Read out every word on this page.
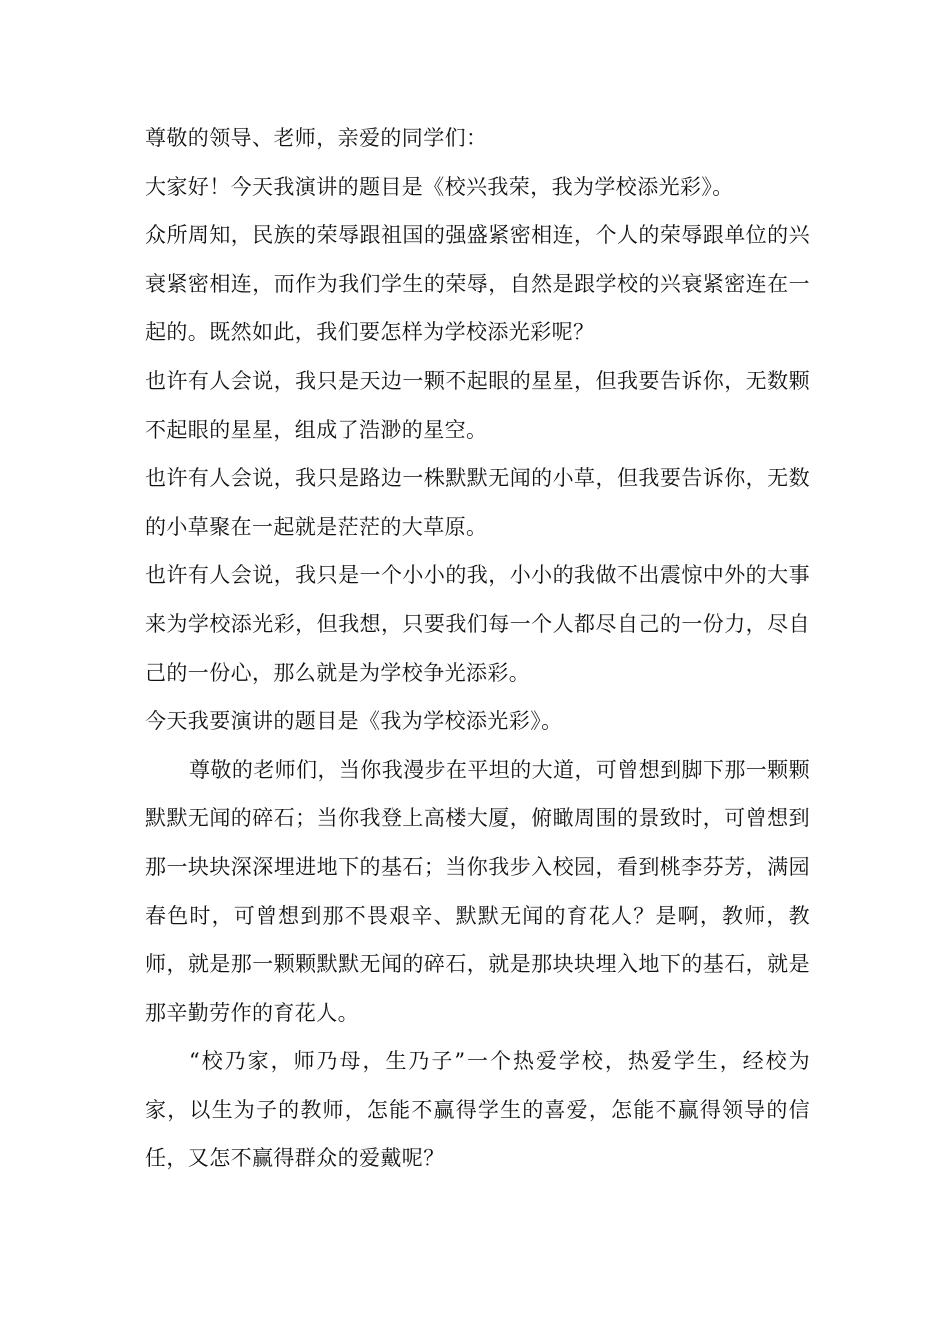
尊敬的领导、老师，亲爱的同学们：

大家好！今天我演讲的题目是《校兴我荣，我为学校添光彩》。

众所周知，民族的荣辱跟祖国的强盛紧密相连，个人的荣辱跟单位的兴衰紧密相连，而作为我们学生的荣辱，自然是跟学校的兴衰紧密连在一起的。既然如此，我们要怎样为学校添光彩呢？

也许有人会说，我只是天边一颗不起眼的星星，但我要告诉你，无数颗不起眼的星星，组成了浩渺的星空。

也许有人会说，我只是路边一株默默无闻的小草，但我要告诉你，无数的小草聚在一起就是茫茫的大草原。

也许有人会说，我只是一个小小的我，小小的我做不出震惊中外的大事来为学校添光彩，但我想，只要我们每一个人都尽自己的一份力，尽自己的一份心，那么就是为学校争光添彩。

今天我要演讲的题目是《我为学校添光彩》。

尊敬的老师们，当你我漫步在平坦的大道，可曾想到脚下那一颗颗默默无闻的碎石；当你我登上高楼大厦，俯瞰周围的景致时，可曾想到那一块块深深埋进地下的基石；当你我步入校园，看到桃李芬芳，满园春色时，可曾想到那不畏艰辛、默默无闻的育花人？是啊，教师，教师，就是那一颗颗默默无闻的碎石，就是那块块埋入地下的基石，就是那辛勤劳作的育花人。

“校乃家，师乃母，生乃子”一个热爱学校，热爱学生，经校为家，以生为子的教师，怎能不赢得学生的喜爱，怎能不赢得领导的信任，又怎不赢得群众的爱戴呢？
